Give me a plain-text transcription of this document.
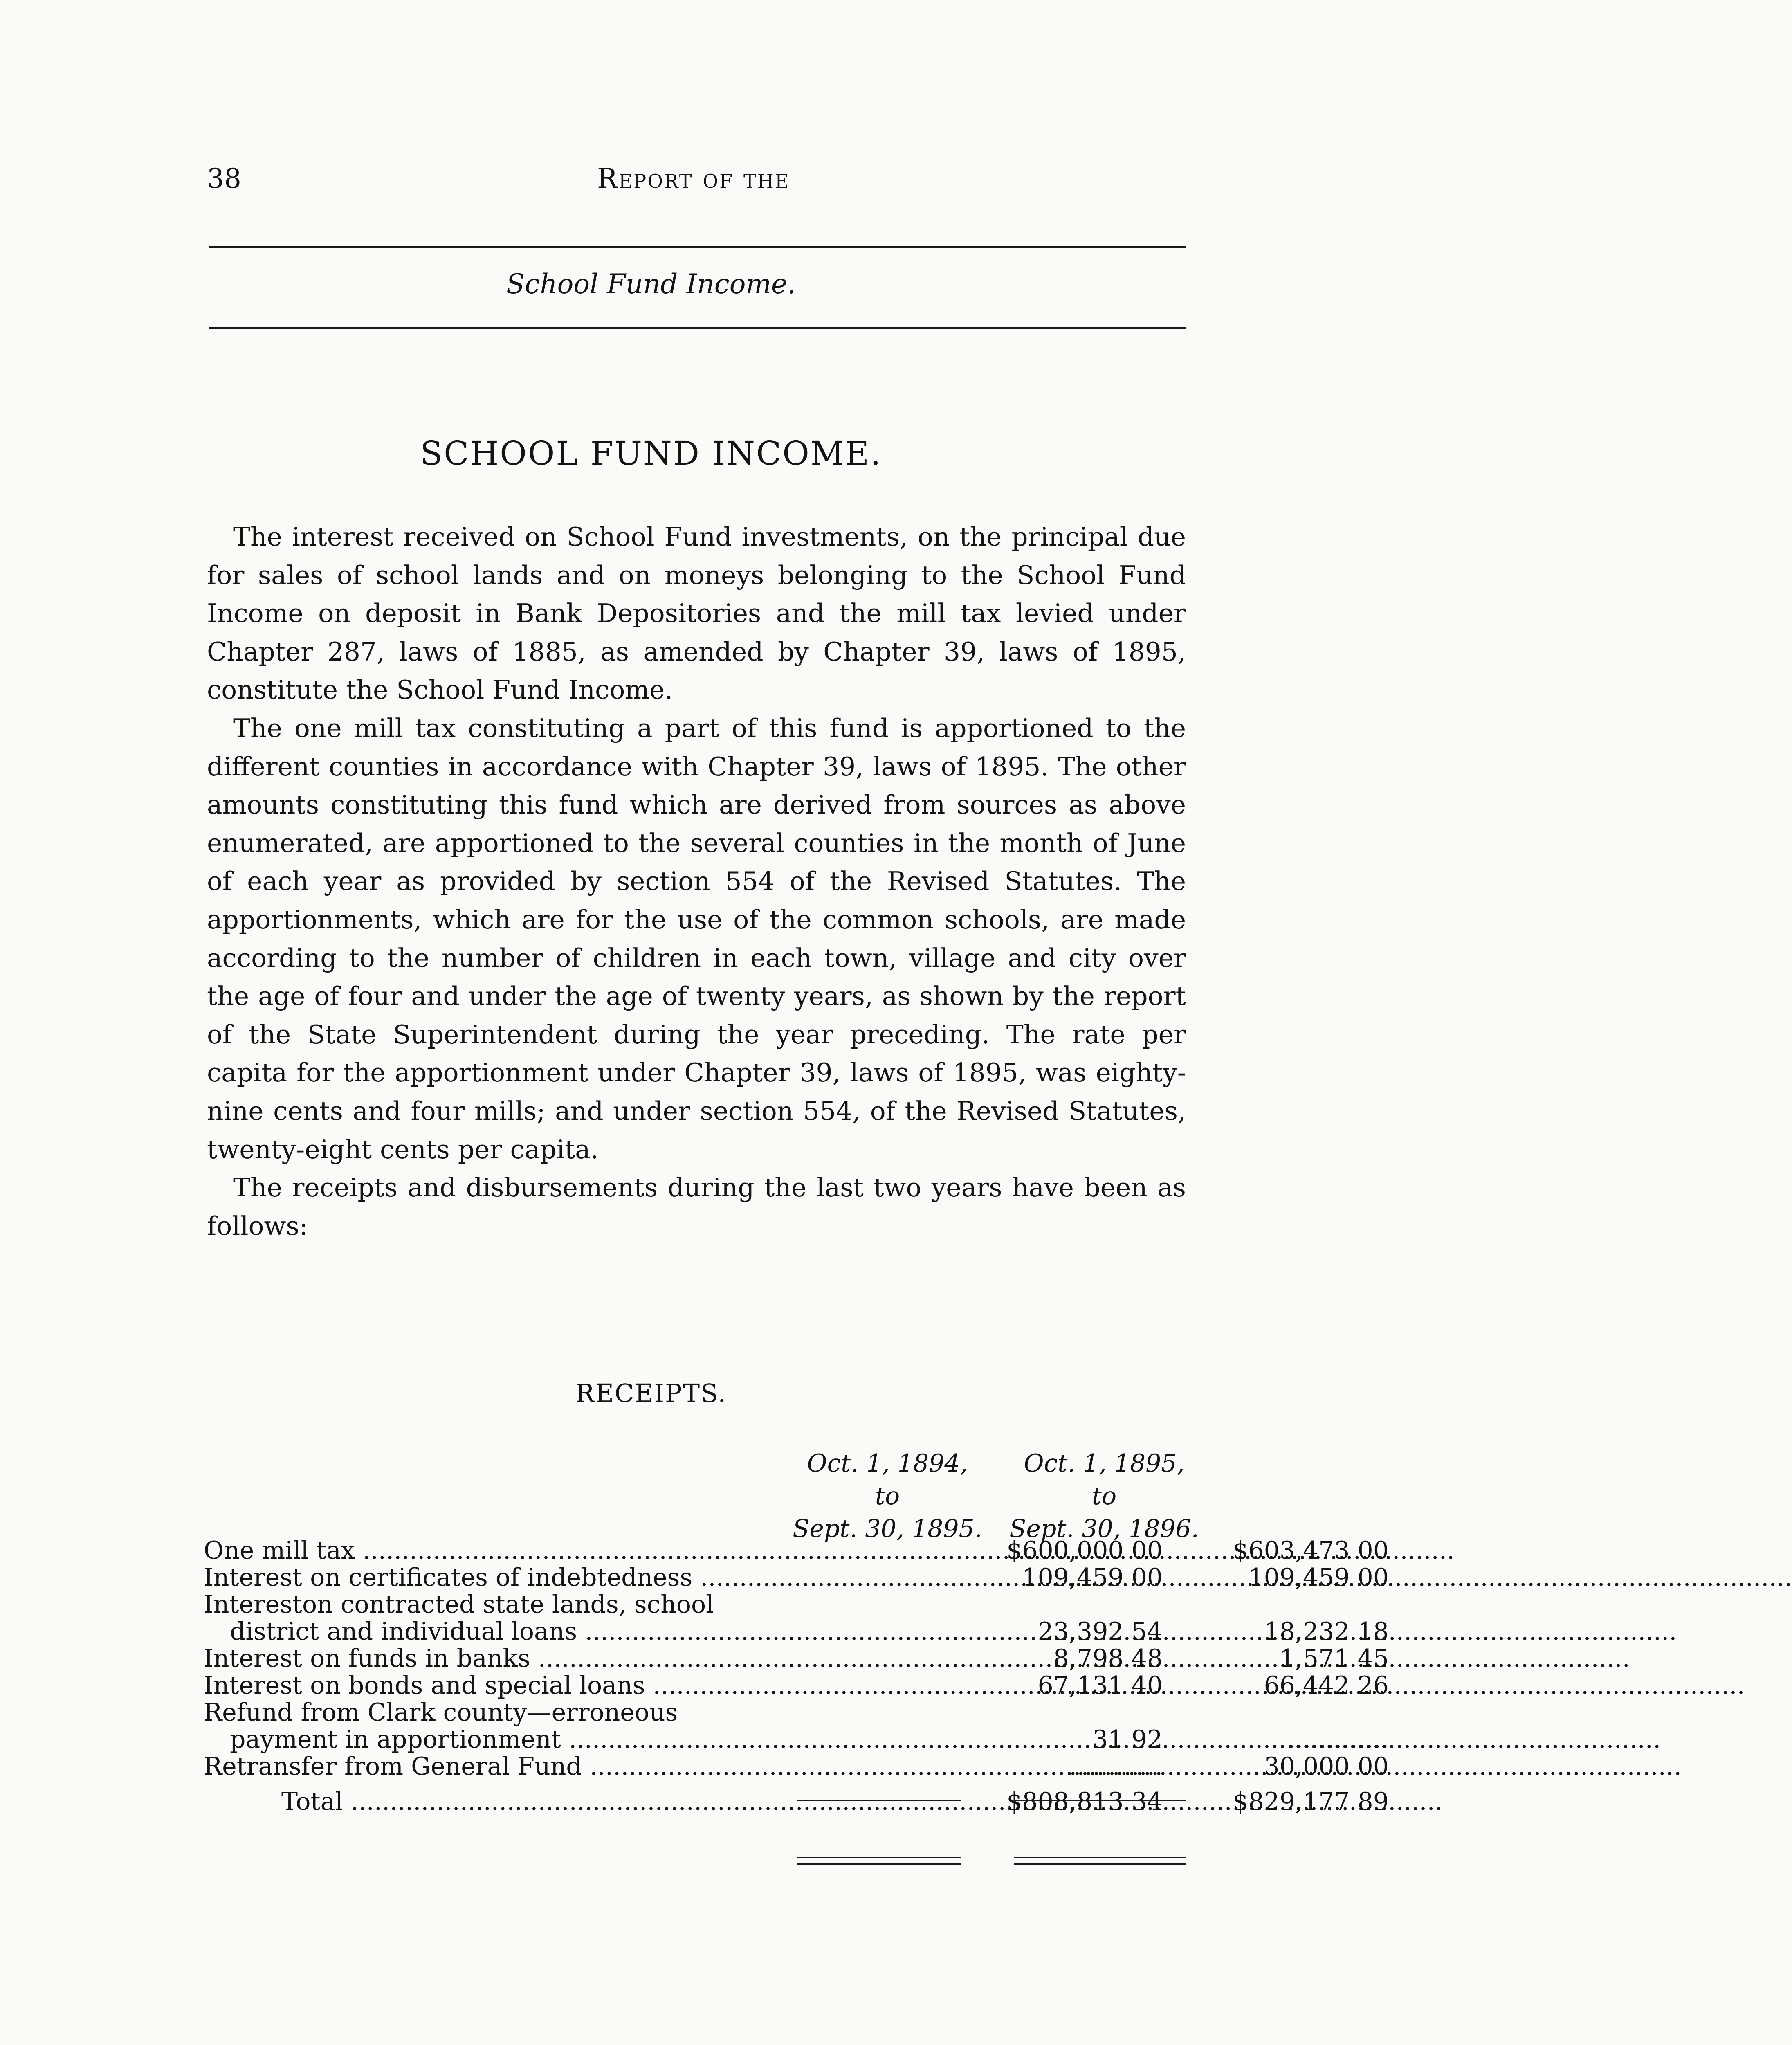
38	Report of the
School Fund Income.
SCHOOL FUND INCOME.

The interest received on School Fund investments, on the principal due for sales of school lands and on moneys belonging to the School Fund Income on deposit in Bank Depositories and the mill tax levied under Chapter 287, laws of 1885, as amended by Chapter 39, laws of 1895, constitute the School Fund Income.

The one mill tax constituting a part of this fund is apportioned to the different counties in accordance with Chapter 39, laws of 1895. The other amounts constituting this fund which are derived from sources as above enumerated, are apportioned to the several counties in the month of June of each year as provided by section 554 of the Revised Statutes. The apportionments, which are for the use of the common schools, are made according to the number of children in each town, village and city over the age of four and under the age of twenty years, as shown by the report of the State Superintendent during the year preceding. The rate per capita for the apportionment under Chapter 39, laws of 1895, was eighty-nine cents and four mills; and under section 554, of the Revised Statutes, twenty-eight cents per capita.

The receipts and disbursements during the last two years have been as follows:

RECEIPTS.
Oct. 1, 1894,
to
Sept. 30, 1895.
Oct. 1, 1895,
to
Sept. 30, 1896.
One mill tax .....	$600,000 00	$603,473 00
Interest on certificates of indebtedness .....	109,459 00	109,459 00
Intereston contracted state lands, school
district and individual loans .....	23,392 54	18,232 18
Interest on funds in banks .....	8,798 48	1,571 45
Interest on bonds and special loans .....	67,131 40	66,442 26
Refund from Clark county—erroneous
payment in apportionment .....	31 92	.............
Retransfer from General Fund .....	............	30,000 00
Total .....	$808,813 34	$829,177 89
